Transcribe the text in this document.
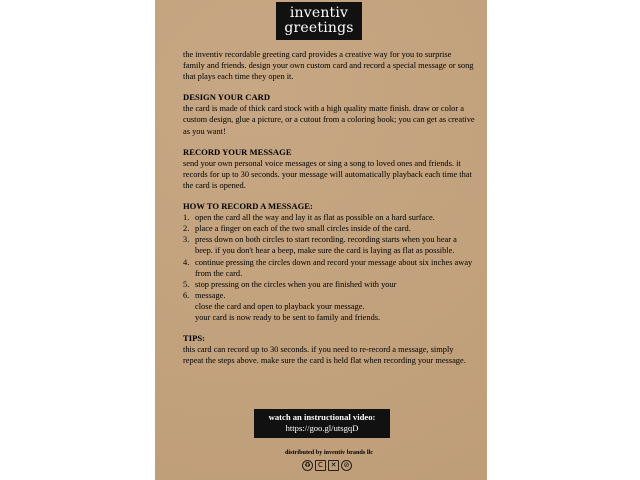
inventiv
greetings

the inventiv recordable greeting card provides a creative way for you to surprise family and friends. design your own custom card and record a special message or song that plays each time they open it.

DESIGN YOUR CARD

the card is made of thick card stock with a high quality matte finish. draw or color a custom design, glue a picture, or a cutout from a coloring book; you can get as creative as you want!

RECORD YOUR MESSAGE

send your own personal voice messages or sing a song to loved ones and friends. it records for up to 30 seconds. your message will automatically playback each time that the card is opened.

HOW TO RECORD A MESSAGE:

1. open the card all the way and lay it as flat as possible on a hard surface.
2. place a finger on each of the two small circles inside of the card.
3. press down on both circles to start recording. recording starts when you hear a beep. if you don't hear a beep, make sure the card is laying as flat as possible.
4. continue pressing the circles down and record your message about six inches away from the card.
5. stop pressing on the circles when you are finished with your
6. message.
close the card and open to playback your message.
your card is now ready to be sent to family and friends.

TIPS:

this card can record up to 30 seconds. if you need to re-record a message, simply repeat the steps above. make sure the card is held flat when recording your message.

watch an instructional video:
https://goo.gl/utsgqD
distributed by inventiv brands llc
♻	C	✕	⊘
